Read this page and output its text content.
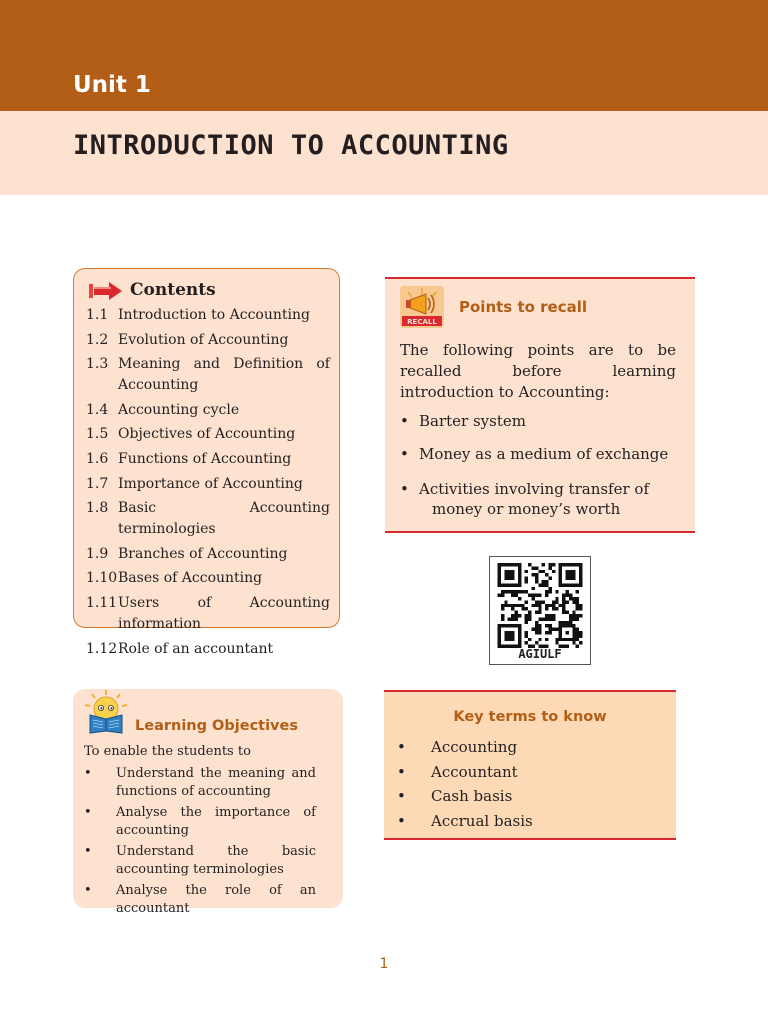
Unit 1
INTRODUCTION TO ACCOUNTING
Contents
1.1 Introduction to Accounting
1.2 Evolution of Accounting
1.3 Meaning and Definition of Accounting
1.4 Accounting cycle
1.5 Objectives of Accounting
1.6 Functions of Accounting
1.7 Importance of Accounting
1.8 Basic Accounting terminologies
1.9 Branches of Accounting
1.10 Bases of Accounting
1.11 Users of Accounting information
1.12 Role of an accountant
RECALL
Points to recall

The following points are to be recalled before learning introduction to Accounting:

• Barter system
• Money as a medium of exchange
• Activities involving transfer of money or money’s worth

AGIULF

Learning Objectives

To enable the students to

• Understand the meaning and functions of accounting
• Analyse the importance of accounting
• Understand the basic accounting terminologies
• Analyse the role of an accountant
Key terms to know
• Accounting
• Accountant
• Cash basis
• Accrual basis

1
